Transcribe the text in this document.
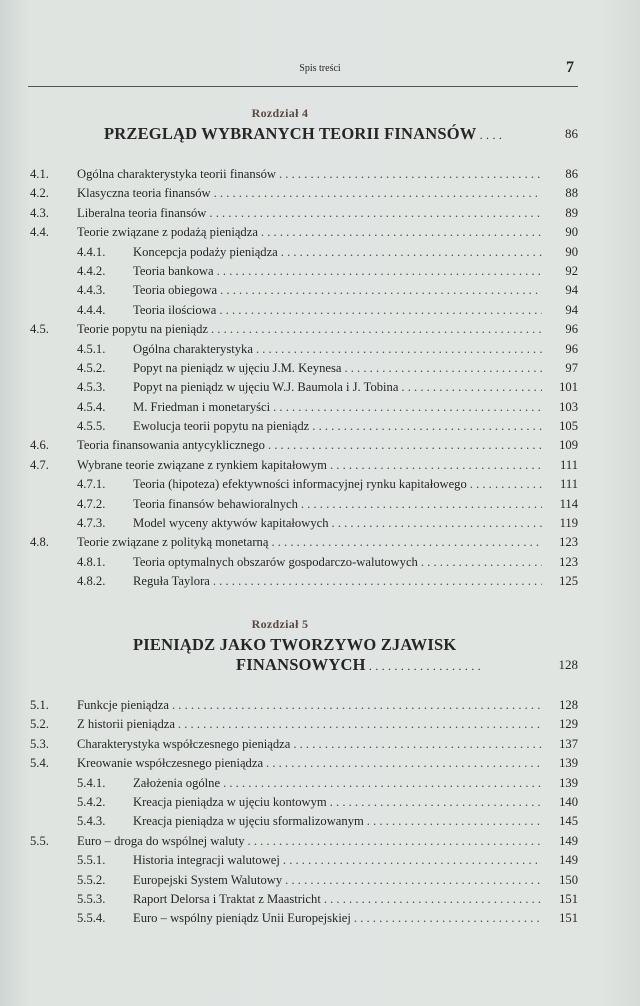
Spis treści	7
Rozdział 4
PRZEGLĄD WYBRANYCH TEORII FINANSÓW . . . .	86
4.1.	Ogólna charakterystyka teorii finansów . . .	86
4.2.	Klasyczna teoria finansów . . .	88
4.3.	Liberalna teoria finansów . . .	89
4.4.	Teorie związane z podażą pieniądza . . .	90
4.4.1.	Koncepcja podaży pieniądza . . .	90
4.4.2.	Teoria bankowa . . .	92
4.4.3.	Teoria obiegowa . . .	94
4.4.4.	Teoria ilościowa . . .	94
4.5.	Teorie popytu na pieniądz . . .	96
4.5.1.	Ogólna charakterystyka . . .	96
4.5.2.	Popyt na pieniądz w ujęciu J.M. Keynesa . . .	97
4.5.3.	Popyt na pieniądz w ujęciu W.J. Baumola i J. Tobina . . .	101
4.5.4.	M. Friedman i monetaryści . . .	103
4.5.5.	Ewolucja teorii popytu na pieniądz . . .	105
4.6.	Teoria finansowania antycyklicznego . . .	109
4.7.	Wybrane teorie związane z rynkiem kapitałowym . . .	111
4.7.1.	Teoria (hipoteza) efektywności informacyjnej rynku kapitałowego . . .	111
4.7.2.	Teoria finansów behawioralnych . . .	114
4.7.3.	Model wyceny aktywów kapitałowych . . .	119
4.8.	Teorie związane z polityką monetarną . . .	123
4.8.1.	Teoria optymalnych obszarów gospodarczo-walutowych . . .	123
4.8.2.	Reguła Taylora . . .	125
Rozdział 5
PIENIĄDZ JAKO TWORZYWO ZJAWISK
FINANSOWYCH . . . . . . . . . . . . . . . . . .	128
5.1.	Funkcje pieniądza . . .	128
5.2.	Z historii pieniądza . . .	129
5.3.	Charakterystyka współczesnego pieniądza . . .	137
5.4.	Kreowanie współczesnego pieniądza . . .	139
5.4.1.	Założenia ogólne . . .	139
5.4.2.	Kreacja pieniądza w ujęciu kontowym . . .	140
5.4.3.	Kreacja pieniądza w ujęciu sformalizowanym . . .	145
5.5.	Euro – droga do wspólnej waluty . . .	149
5.5.1.	Historia integracji walutowej . . .	149
5.5.2.	Europejski System Walutowy . . .	150
5.5.3.	Raport Delorsa i Traktat z Maastricht . . .	151
5.5.4.	Euro – wspólny pieniądz Unii Europejskiej . . .	151
